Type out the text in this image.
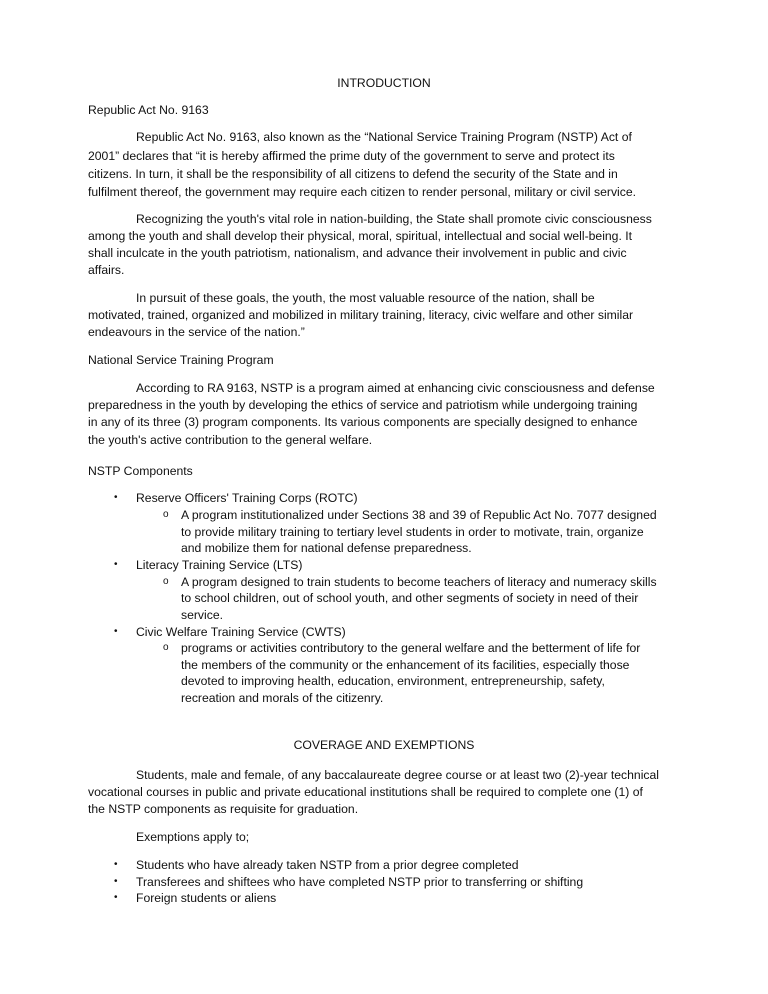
INTRODUCTION
Republic Act No. 9163
Republic Act No. 9163, also known as the “National Service Training Program (NSTP) Act of
2001” declares that “it is hereby affirmed the prime duty of the government to serve and protect its
citizens. In turn, it shall be the responsibility of all citizens to defend the security of the State and in
fulfilment thereof, the government may require each citizen to render personal, military or civil service.
Recognizing the youth's vital role in nation-building, the State shall promote civic consciousness
among the youth and shall develop their physical, moral, spiritual, intellectual and social well-being. It
shall inculcate in the youth patriotism, nationalism, and advance their involvement in public and civic
affairs.
In pursuit of these goals, the youth, the most valuable resource of the nation, shall be
motivated, trained, organized and mobilized in military training, literacy, civic welfare and other similar
endeavours in the service of the nation.”
National Service Training Program
According to RA 9163, NSTP is a program aimed at enhancing civic consciousness and defense
preparedness in the youth by developing the ethics of service and patriotism while undergoing training
in any of its three (3) program components. Its various components are specially designed to enhance
the youth's active contribution to the general welfare.
NSTP Components
• Reserve Officers' Training Corps (ROTC)
o A program institutionalized under Sections 38 and 39 of Republic Act No. 7077 designed
to provide military training to tertiary level students in order to motivate, train, organize
and mobilize them for national defense preparedness.
• Literacy Training Service (LTS)
o A program designed to train students to become teachers of literacy and numeracy skills
to school children, out of school youth, and other segments of society in need of their
service.
• Civic Welfare Training Service (CWTS)
o programs or activities contributory to the general welfare and the betterment of life for
the members of the community or the enhancement of its facilities, especially those
devoted to improving health, education, environment, entrepreneurship, safety,
recreation and morals of the citizenry.
COVERAGE AND EXEMPTIONS
Students, male and female, of any baccalaureate degree course or at least two (2)-year technical
vocational courses in public and private educational institutions shall be required to complete one (1) of
the NSTP components as requisite for graduation.
Exemptions apply to;
• Students who have already taken NSTP from a prior degree completed
• Transferees and shiftees who have completed NSTP prior to transferring or shifting
• Foreign students or aliens
